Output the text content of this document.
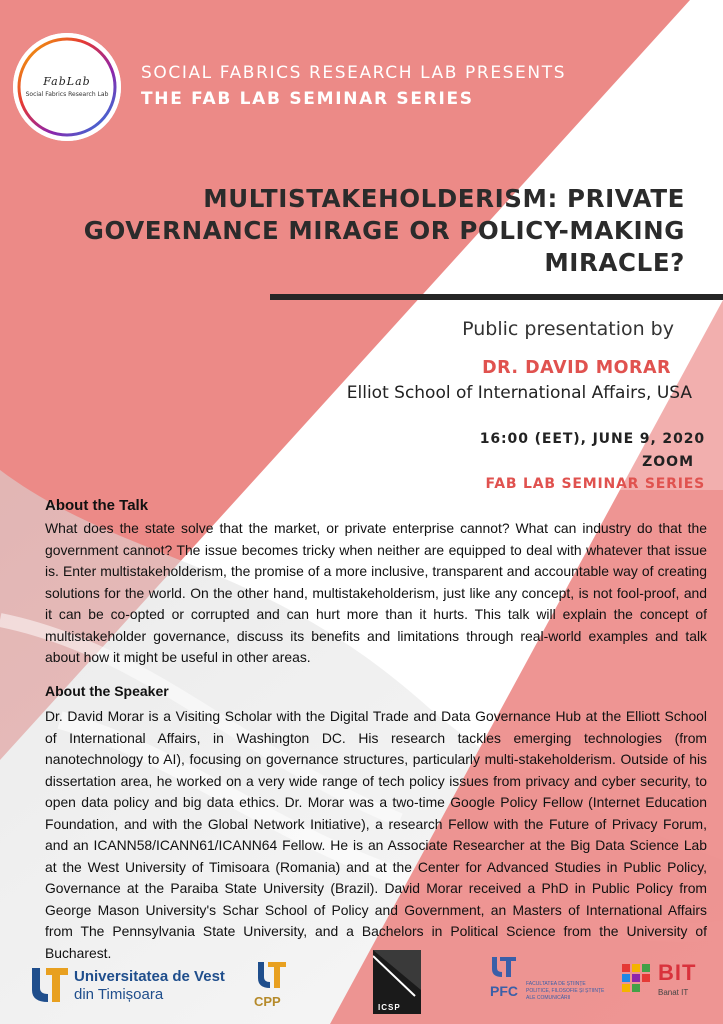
FabLab
Social Fabrics Research Lab
SOCIAL FABRICS RESEARCH LAB PRESENTS
THE FAB LAB SEMINAR SERIES
MULTISTAKEHOLDERISM: PRIVATE
GOVERNANCE MIRAGE OR POLICY-MAKING
MIRACLE?
Public presentation by
DR. DAVID MORAR
Elliot School of International Affairs, USA
16:00 (EET), JUNE 9, 2020
ZOOM
FAB LAB SEMINAR SERIES
About the Talk
What does the state solve that the market, or private enterprise cannot? What can industry do that the government cannot? The issue becomes tricky when neither are equipped to deal with whatever that issue is. Enter multistakeholderism, the promise of a more inclusive, transparent and accountable way of creating solutions for the world. On the other hand, multistakeholderism, just like any concept, is not fool-proof, and it can be co-opted or corrupted and can hurt more than it hurts. This talk will explain the concept of multistakeholder governance, discuss its benefits and limitations through real-world examples and talk about how it might be useful in other areas.
About the Speaker
Dr. David Morar is a Visiting Scholar with the Digital Trade and Data Governance Hub at the Elliott School of International Affairs, in Washington DC. His research tackles emerging technologies (from nanotechnology to AI), focusing on governance structures, particularly multi-stakeholderism. Outside of his dissertation area, he worked on a very wide range of tech policy issues from privacy and cyber security, to open data policy and big data ethics. Dr. Morar was a two-time Google Policy Fellow (Internet Education Foundation, and with the Global Network Initiative), a research Fellow with the Future of Privacy Forum, and an ICANN58/ICANN61/ICANN64 Fellow. He is an Associate Researcher at the Big Data Science Lab at the West University of Timisoara (Romania) and at the Center for Advanced Studies in Public Policy, Governance at the Paraiba State University (Brazil). David Morar received a PhD in Public Policy from George Mason University's Schar School of Policy and Government, an Masters of International Affairs from The Pennsylvania State University, and a Bachelors in Political Science from the University of Bucharest.
Universitatea de Vest
din Timișoara	CPP	ICSP
PFC FACULTATEA DE ȘTIINȚE POLITICE, FILOSOFIE ȘI ȘTIINȚE ALE COMUNICĂRII
BIT
Banat IT
